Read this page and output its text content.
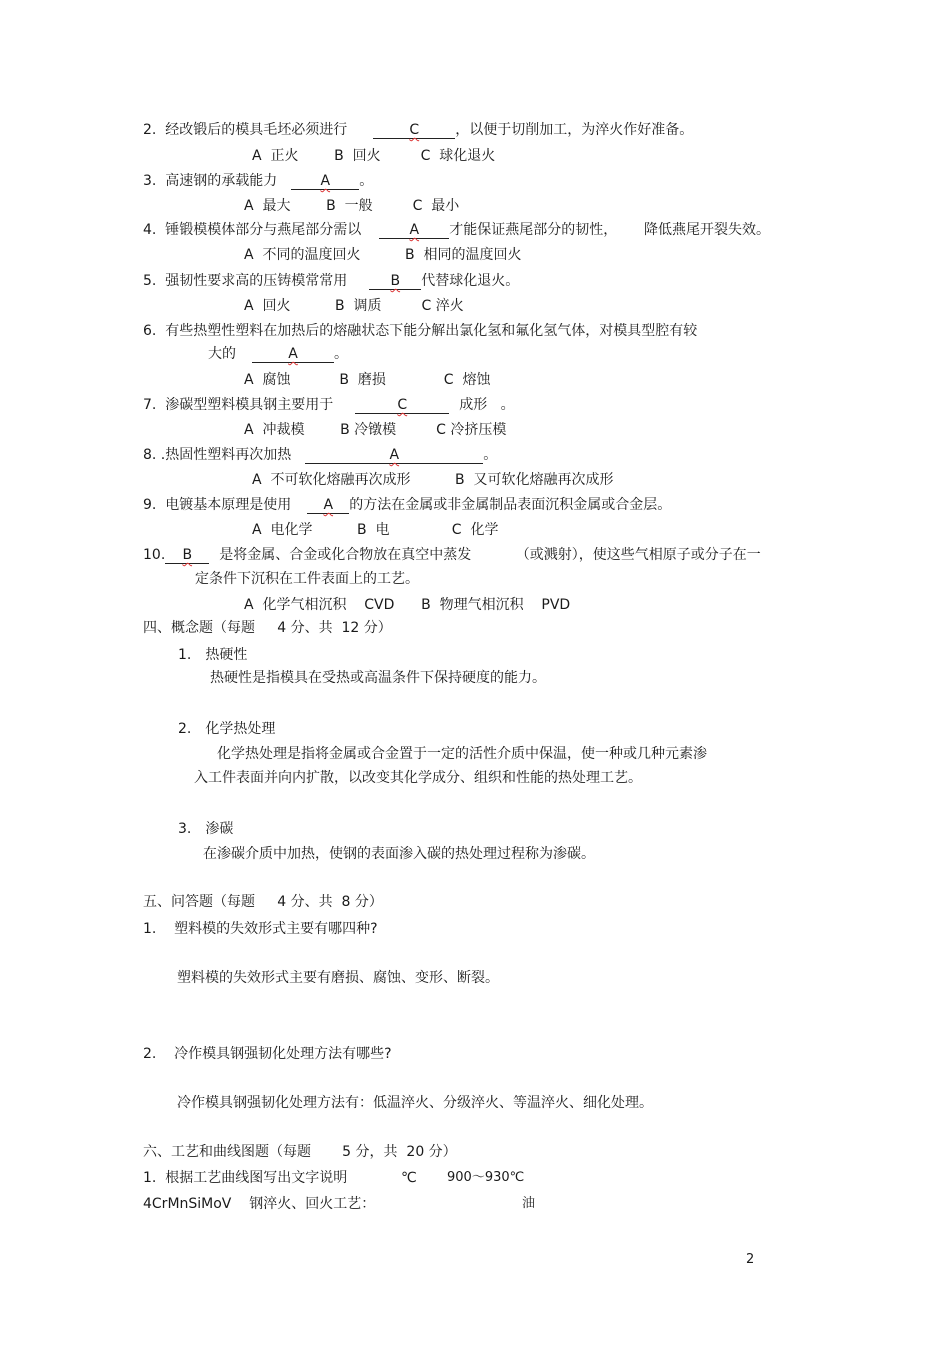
2.  经改锻后的模具毛坯必须进行	C	，以便于切削加工，为淬火作好准备。
A  正火        B  回火         C  球化退火
3.  高速钢的承载能力	A 。
A  最大        B  一般         C  最小
4.  锤锻模模体部分与燕尾部分需以	A 才能保证燕尾部分的韧性，      降低燕尾开裂失效。
A  不同的温度回火          B  相同的温度回火
5.  强韧性要求高的压铸模常常用	B 代替球化退火。
A  回火          B  调质         C 淬火
6.  有些热塑性塑料在加热后的熔融状态下能分解出氯化氢和氟化氢气体，对模具型腔有较
大的	A	。
A  腐蚀           B  磨损             C  熔蚀
7.  渗碳型塑料模具钢主要用于	C	成形   。
A  冲裁模        B 冷镦模         C 冷挤压模
8. .热固性塑料再次加热	A	。
A  不可软化熔融再次成形          B  又可软化熔融再次成形
9.  电镀基本原理是使用 A 的方法在金属或非金属制品表面沉积金属或合金层。
A  电化学          B  电              C  化学
10. B 是将金属、合金或化合物放在真空中蒸发          （或溅射），使这些气相原子或分子在一
定条件下沉积在工件表面上的工艺。
A  化学气相沉积    CVD      B  物理气相沉积    PVD
四、概念题（每题     4 分、共  12 分）
1. 热硬性
热硬性是指模具在受热或高温条件下保持硬度的能力。
2. 化学热处理
化学热处理是指将金属或合金置于一定的活性介质中保温，使一种或几种元素渗
入工件表面并向内扩散，以改变其化学成分、组织和性能的热处理工艺。
3. 渗碳
在渗碳介质中加热，使钢的表面渗入碳的热处理过程称为渗碳。
五、问答题（每题     4 分、共  8 分）
1.    塑料模的失效形式主要有哪四种?
塑料模的失效形式主要有磨损、腐蚀、变形、断裂。
2.    冷作模具钢强韧化处理方法有哪些?
冷作模具钢强韧化处理方法有：低温淬火、分级淬火、等温淬火、细化处理。
六、工艺和曲线图题（每题       5 分，共  20 分）
1.  根据工艺曲线图写出文字说明	℃ 900～930℃
4CrMnSiMoV    钢淬火、回火工艺：	油
2
